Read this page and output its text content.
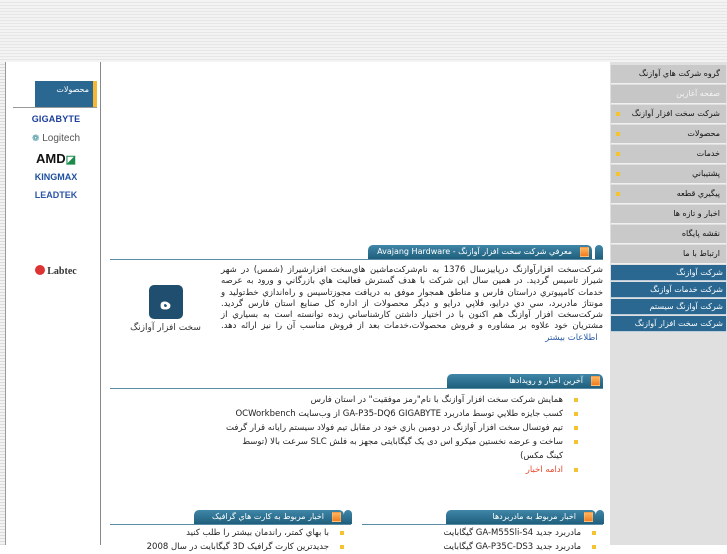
محصولات
GIGABYTE
❁ Logitech
AMD◪
KINGMAX
LEADTEK
Labtec
گروه شرکت هاي آوازنگ
صفحه آغازين
شرکت سخت افزار آوازنگ
محصولات
خدمات
پشتيباني
پيگيري قطعه
اخبار و تازه ها
نقشه پايگاه
ارتباط با ما
شرکت آوازنگ
شرکت خدمات آوازنگ
شرکت آوازنگ سيستم
شرکت سخت افزار آوازنگ
معرفي شرکت سخت افزار آوازنگ - Avajang Hardware
ه
سخت افزار آوازنگ
شرکت‌سخت افزارآوازنگ درپاييزسال 1376 به نام‌شرکت‌ماشين هاي‌سخت افزارشيراز (شمس) در شهر شيراز تاسيس گرديد. در همين سال اين شرکت با هدف گسترش فعاليت هاي بازرگاني و ورود به عرصه خدمات کامپيوتري دراستان فارس و مناطق همجوار موفق به دريافت مجوزتاسيس و راه‌اندازي خط‌توليد و مونتاژ مادربرد، سي دي درايو، فلاپي درايو و ديگر محصولات از اداره کل صنايع استان فارس گرديد. شرکت‌سخت افزار آوازنگ هم اکنون با در اختيار داشتن کارشناساني زبده توانسته است به بسياري از مشتريان خود علاوه بر مشاوره و فروش محصولات،خدمات بعد از فروش مناسب آن را نيز ارائه دهد.   اطلاعات بيشتر
آخرين اخبار و رويدادها
همايش شرکت سخت افزار آوازنگ با نام"رمز موفقيت" در استان فارس
کسب جايزه طلايي توسط مادربرد GA-P35-DQ6 GIGABYTE از وب‌سايت OCWorkbench
تيم فوتسال سخت افزار آوازنگ در دومين بازي خود در مقابل تيم فولاد سيستم رايانه قرار گرفت
ساخت و عرضه نخستين ميکرو اس دی يک گيگابايتی مجهز به فلش SLC سرعت بالا (توسط کينگ مکس)
ادامه اخبار
اخبار مربوط به مادربردها
مادربرد جديد GA-M55Sli-S4 گيگابايت
مادربرد جديد GA-P35C-DS3 گيگابايت
اخبار مربوط به کارت هاي گرافيک
با بهاي کمتر، راندمان بيشتر را طلب کنيد
جديدترين کارت گرافيک 3D گيگابايت در سال 2008
